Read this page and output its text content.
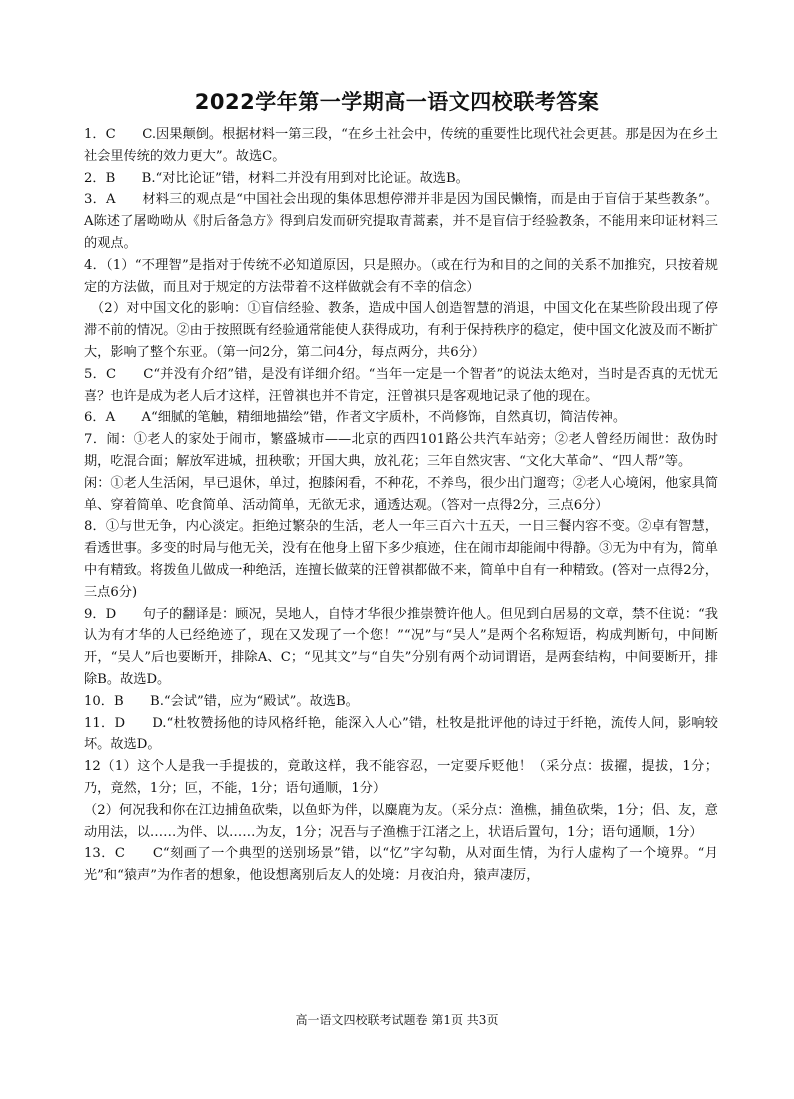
2022学年第一学期高一语文四校联考答案

1．C　　C.因果颠倒。根据材料一第三段，“在乡土社会中，传统的重要性比现代社会更甚。那是因为在乡土社会里传统的效力更大”。故选C。

2．B　　B.“对比论证”错，材料二并没有用到对比论证。故选B。

3．A　　材料三的观点是“中国社会出现的集体思想停滞并非是因为国民懒惰，而是由于盲信于某些教条”。A陈述了屠呦呦从《肘后备急方》得到启发而研究提取青蒿素，并不是盲信于经验教条，不能用来印证材料三的观点。

4．（1）“不理智”是指对于传统不必知道原因，只是照办。（或在行为和目的之间的关系不加推究，只按着规定的方法做，而且对于规定的方法带着不这样做就会有不幸的信念）

　（2）对中国文化的影响：①盲信经验、教条，造成中国人创造智慧的消退，中国文化在某些阶段出现了停滞不前的情况。②由于按照既有经验通常能使人获得成功，有利于保持秩序的稳定，使中国文化波及而不断扩大，影响了整个东亚。（第一问2分，第二问4分，每点两分，共6分）

5．C　　C“并没有介绍”错，是没有详细介绍。“当年一定是一个智者”的说法太绝对，当时是否真的无忧无喜？也许是成为老人后才这样，汪曾祺也并不肯定，汪曾祺只是客观地记录了他的现在。

6．A　　A“细腻的笔触，精细地描绘”错，作者文字质朴，不尚修饰，自然真切，简洁传神。

7．闹：①老人的家处于闹市，繁盛城市——北京的西四101路公共汽车站旁；②老人曾经历闹世：敌伪时期，吃混合面；解放军进城，扭秧歌；开国大典，放礼花；三年自然灾害、“文化大革命”、“四人帮”等。

闲：①老人生活闲，早已退休，单过，抱膝闲看，不种花，不养鸟，很少出门遛弯；②老人心境闲，他家具简单、穿着简单、吃食简单、活动简单，无欲无求，通透达观。（答对一点得2分，三点6分）

8．①与世无争，内心淡定。拒绝过繁杂的生活，老人一年三百六十五天，一日三餐内容不变。②卓有智慧，看透世事。多变的时局与他无关，没有在他身上留下多少痕迹，住在闹市却能闹中得静。③无为中有为，简单中有精致。将拨鱼儿做成一种绝活，连擅长做菜的汪曾祺都做不来，简单中自有一种精致。(答对一点得2分，三点6分)

9．D　　句子的翻译是：顾况，吴地人，自恃才华很少推崇赞许他人。但见到白居易的文章，禁不住说：“我认为有才华的人已经绝迹了，现在又发现了一个您！”“况”与“吴人”是两个名称短语，构成判断句，中间断开，“吴人”后也要断开，排除A、C；“见其文”与“自失”分别有两个动词谓语，是两套结构，中间要断开，排除B。故选D。

10．B　　B.“会试”错，应为“殿试”。故选B。

11．D　　D.“杜牧赞扬他的诗风格纤艳，能深入人心”错，杜牧是批评他的诗过于纤艳，流传人间，影响较坏。故选D。

12（1）这个人是我一手提拔的，竟敢这样，我不能容忍，一定要斥贬他！（采分点：拔擢，提拔，1分；乃，竟然，1分；叵，不能，1分；语句通顺，1分）

（2）何况我和你在江边捕鱼砍柴，以鱼虾为伴，以麋鹿为友。（采分点：渔樵，捕鱼砍柴，1分；侣、友，意动用法，以……为伴、以……为友，1分；况吾与子渔樵于江渚之上，状语后置句，1分；语句通顺，1分）

13．C　　C“刻画了一个典型的送别场景”错，以“忆”字勾勒，从对面生情，为行人虚构了一个境界。“月光”和“猿声”为作者的想象，他设想离别后友人的处境：月夜泊舟，猿声凄厉，

高一语文四校联考试题卷 第1页 共3页
